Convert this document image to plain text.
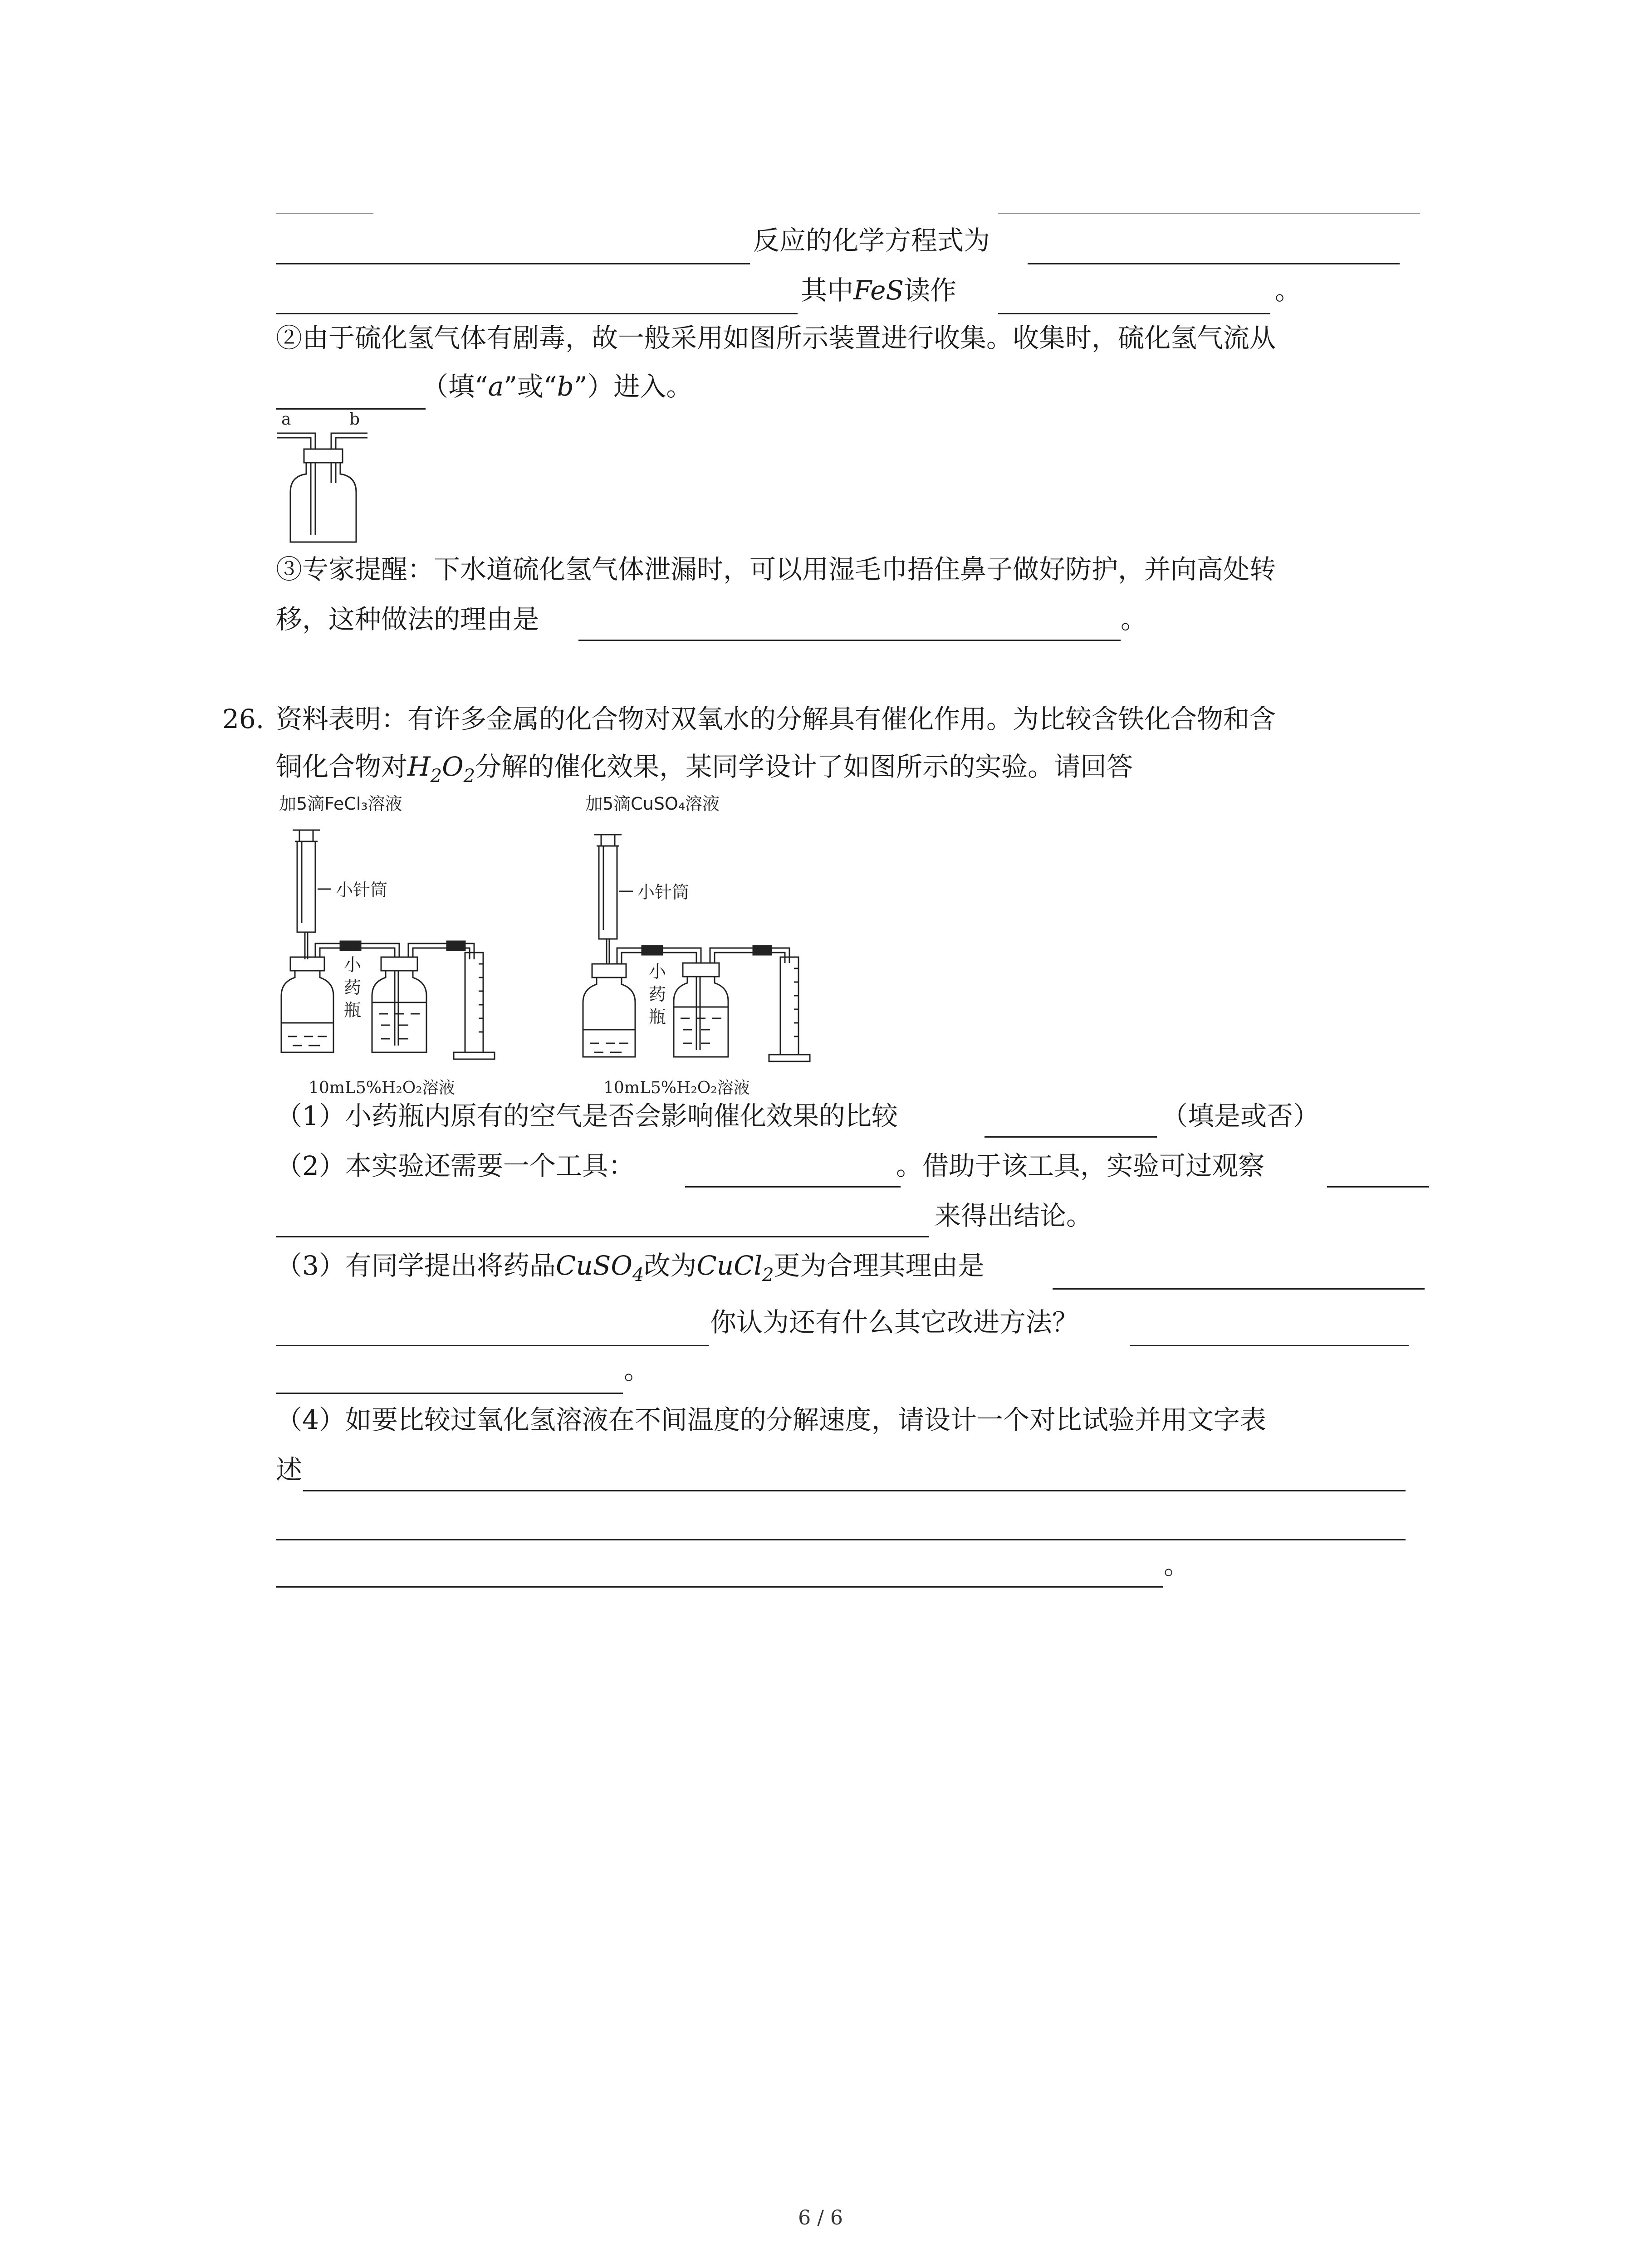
反应的化学方程式为
其中FeS读作	。
②由于硫化氢气体有剧毒，故一般采用如图所示装置进行收集。收集时，硫化氢气流从
（填“a”或“b”）进入。
a	b
③专家提醒：下水道硫化氢气体泄漏时，可以用湿毛巾捂住鼻子做好防护，并向高处转
移，这种做法的理由是	。
26. 资料表明：有许多金属的化合物对双氧水的分解具有催化作用。为比较含铁化合物和含
铜化合物对$H_2O_2$分解的催化效果，某同学设计了如图所示的实验。请回答
加5滴FeCl₃溶液
小针筒
小
药
瓶
10mL5%H₂O₂溶液
加5滴CuSO₄溶液
小针筒
小
药
瓶
10mL5%H₂O₂溶液
（1）小药瓶内原有的空气是否会影响催化效果的比较	（填是或否）
（2）本实验还需要一个工具：	。借助于该工具，实验可过观察
来得出结论。
（3）有同学提出将药品CuSO$_4$改为CuCl$_2$更为合理其理由是
你认为还有什么其它改进方法？
。
（4）如要比较过氧化氢溶液在不间温度的分解速度，请设计一个对比试验并用文字表
述
。
6 / 6
